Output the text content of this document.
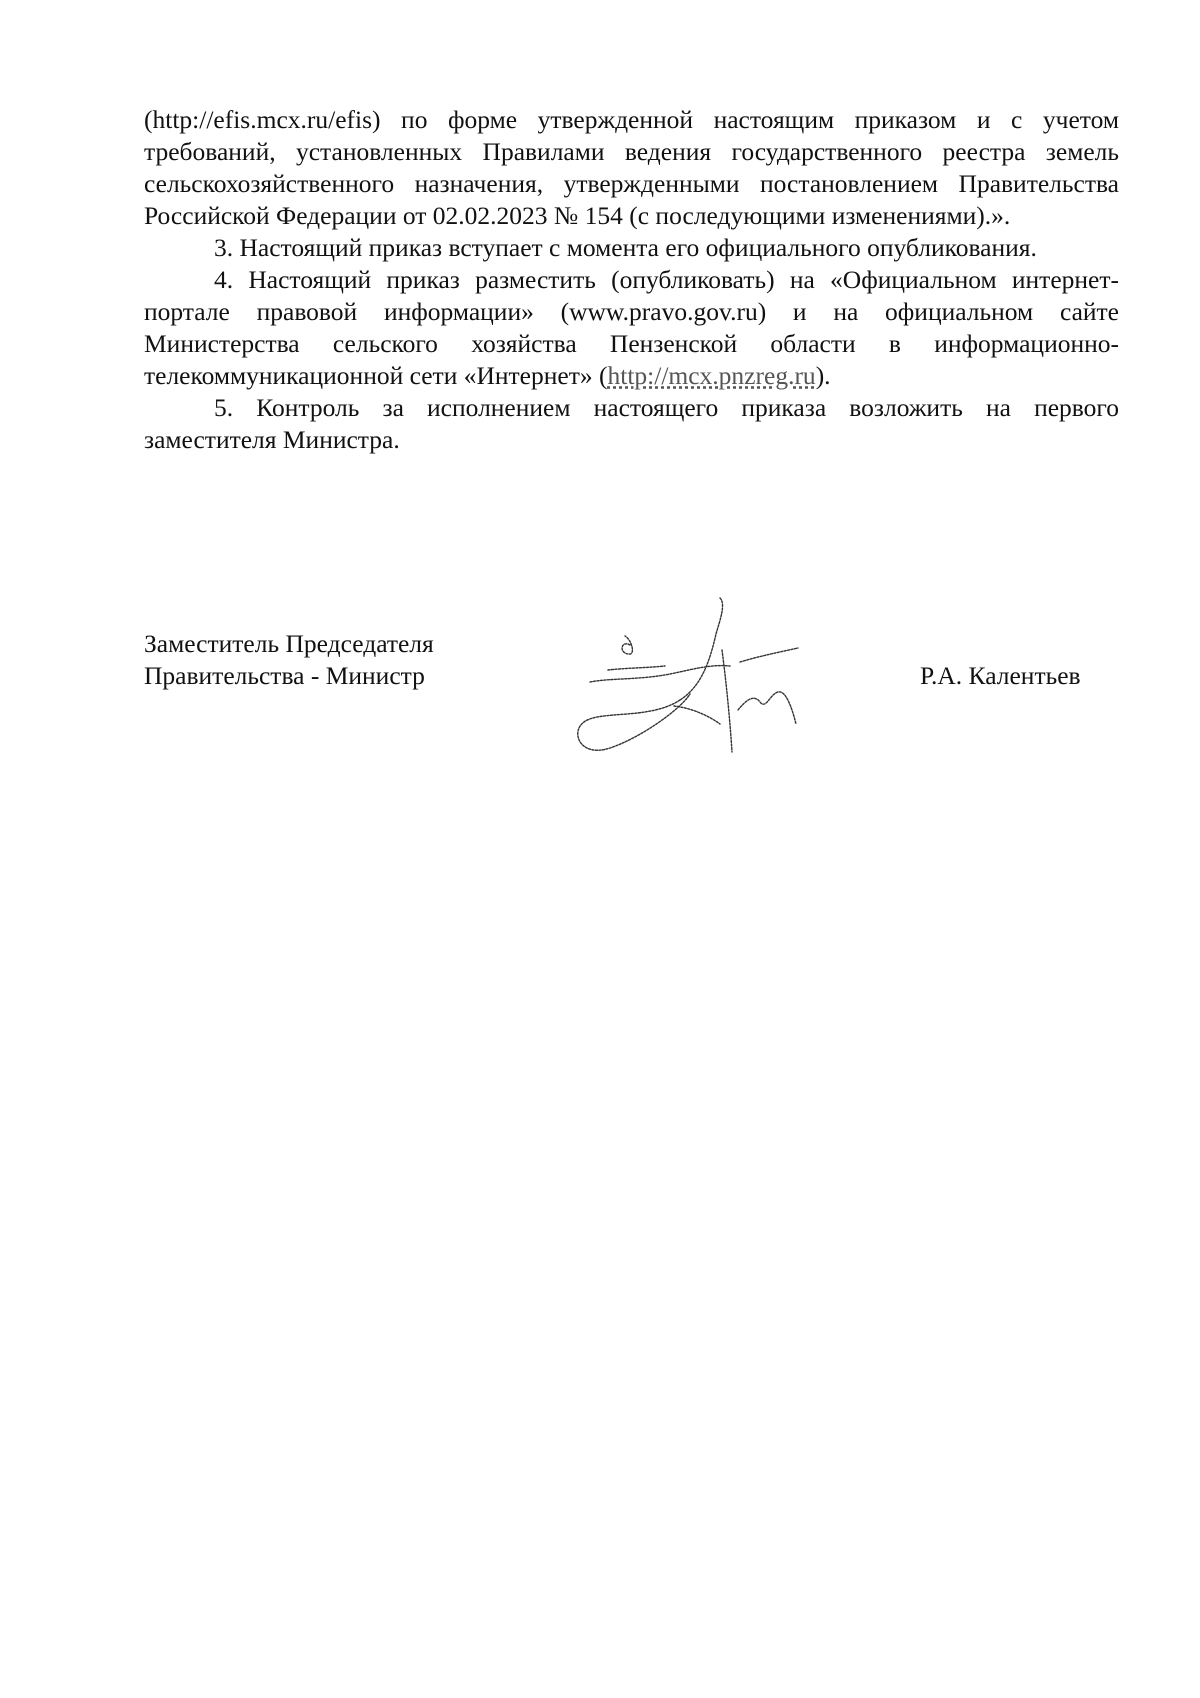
(http://efis.mcx.ru/efis) по форме утвержденной настоящим приказом и с учетом требований, установленных Правилами ведения государственного реестра земель сельскохозяйственного назначения, утвержденными постановлением Правительства Российской Федерации от 02.02.2023 № 154 (с последующими изменениями).».

3. Настоящий приказ вступает с момента его официального опубликования.

4. Настоящий приказ разместить (опубликовать) на «Официальном интернет-портале правовой информации» (www.pravo.gov.ru) и на официальном сайте Министерства сельского хозяйства Пензенской области в информационно-телекоммуникационной сети «Интернет» (http://mcx.pnzreg.ru).

5. Контроль за исполнением настоящего приказа возложить на первого заместителя Министра.

Заместитель Председателя
Правительства - Министр	Р.А. Калентьев
